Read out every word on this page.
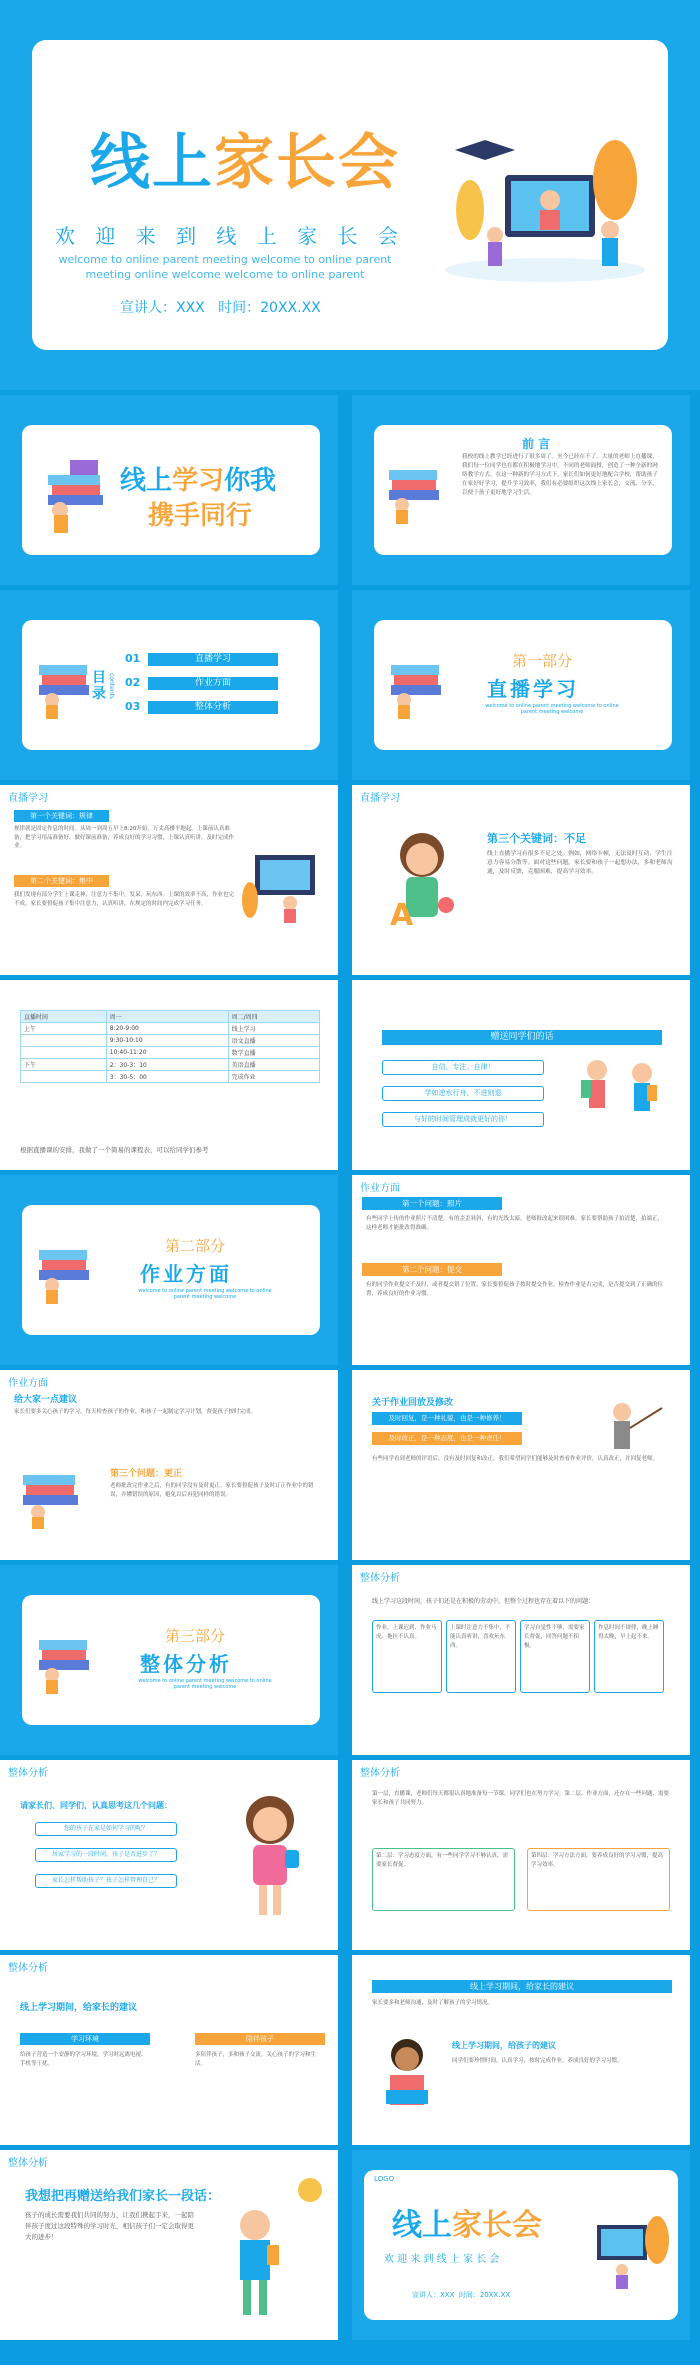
LOGO
线上家长会
欢 迎 来 到 线 上 家 长 会
welcome to online parent meeting welcome to online parent meeting online welcome welcome to online parent
宣讲人：XXX 时间：20XX.XX
线上学习你我
携手同行
前 言
我校的线上教学已经进行了很多周了。至今已经在不了。大量的老师上直播课，我们每一位同学也在都在积极地学习中，不同的老师面授，创造了一种全新的网络教学方式。在这一种新的学习方式下，家长们如何更好地配合学校，帮助孩子在家好好学习，提升学习效率，我们有必要组织这次线上家长会，交流、分享，以便于孩子更好地学习生活。
目录 contents
01	直播学习
02	作业方面
03	整体分析
第一部分
直播学习
welcome to online parent meeting welcome to online parent meeting welcome
直播学习
第一个关键词：规律
规律就是固定作息的时间。从周一到周五早上8:20开始，万丈高楼平地起。上课前认真准备，把学习用品准备好，做好课前准备，养成良好的学习习惯，上课认真听讲，及时完成作业。
第二个关键词：集中
我们发现有部分学生上课走神，注意力不集中，发呆，玩东西。上课的效率不高，作业也完不成。家长要督促孩子集中注意力，认真听讲，在规定的时间内完成学习任务。
直播学习
A
第三个关键词：不足
线上直播学习有很多不足之处。例如，网络卡顿，无法及时互动，学生注意力容易分散等。面对这些问题，家长要和孩子一起想办法，多和老师沟通，及时反馈，克服困难，提高学习效率。
直播时间	周一	周二/周四
上午	8:20-9:00	线上学习
	9:30-10:10	语文直播
	10:40-11:20	数学直播
下午	2：30-3：10	英语直播
	3：30-5：00	完成作业
根据直播课的安排，我做了一个简易的课程表，可以给同学们参考
赠送同学们的话
自信、专注、自律！
学如逆水行舟，不进则退
与好的时间管理成就更好的你！
第二部分
作业方面
welcome to online parent meeting welcome to online parent meeting welcome
作业方面
第一个问题：照片
有些同学上传的作业照片不清楚，有的歪歪斜斜，有的光线太暗。老师批改起来很困难。家长要帮助孩子拍清楚，拍端正，这样老师才能批改得准确。
第二个问题：提交
有的同学作业提交不及时，或者提交错了位置。家长要督促孩子按时提交作业，检查作业是否完成，是否提交到了正确的位置，养成良好的作业习惯。
作业方面
给大家一点建议
家长们要多关心孩子的学习，每天检查孩子的作业，和孩子一起制定学习计划，督促孩子按时完成。
第三个问题：更正
老师批改完作业之后，有的同学没有及时更正。家长要督促孩子及时订正作业中的错误，弄懂错误的原因，避免以后再犯同样的错误。
关于作业回放及修改
及时回复，是一种礼貌，也是一种修养！
及时改正，是一种态度，也是一种责任！
有些同学看到老师的评语后，没有及时回复和改正。我们希望同学们能够及时查看作业评价，认真改正，并回复老师。
第三部分
整体分析
welcome to online parent meeting welcome to online parent meeting welcome
整体分析
线上学习这段时间，孩子们还是在积极的劳动中，但整个过程也存在着以下的问题：
作业、上课迟到、作业马虎、拖拉不认真。
上课时注意力不集中，不能认真听讲，喜欢玩东西。
学习自觉性不够，需要家长督促，回答问题不积极。
作息时间不规律，晚上睡得太晚，早上起不来。
整体分析
请家长们、同学们，认真思考这几个问题：
您的孩子在家是如何学习的呢？
居家学习的一段时间，孩子是否进步了？
家长怎样帮助孩子？孩子怎样管理自己？
整体分析
第一层，直播课，老师们每天都很认真地准备每一节课，同学们也在努力学习。第二层，作业方面，还存在一些问题，需要家长和孩子共同努力。
第二层：学习态度方面，有一些同学学习不够认真，需要家长督促。
第四层：学习方法方面，要养成良好的学习习惯，提高学习效率。
整体分析
线上学习期间，给家长的建议
学习环境
给孩子营造一个安静的学习环境，学习时远离电视、手机等干扰。
陪伴孩子
多陪伴孩子，多和孩子交流，关心孩子的学习和生活。
线上学习期间，给家长的建议
家长要多和老师沟通，及时了解孩子的学习情况。
线上学习期间，给孩子的建议
同学们要珍惜时间，认真学习，按时完成作业，养成良好的学习习惯。
整体分析
我想把再赠送给我们家长一段话：
孩子的成长需要我们共同的努力，让我们携起手来，一起陪伴孩子度过这段特殊的学习时光，相信孩子们一定会取得更大的进步！
LOGO
线上家长会
欢 迎 来 到 线 上 家 长 会
宣讲人：XXX 时间：20XX.XX
